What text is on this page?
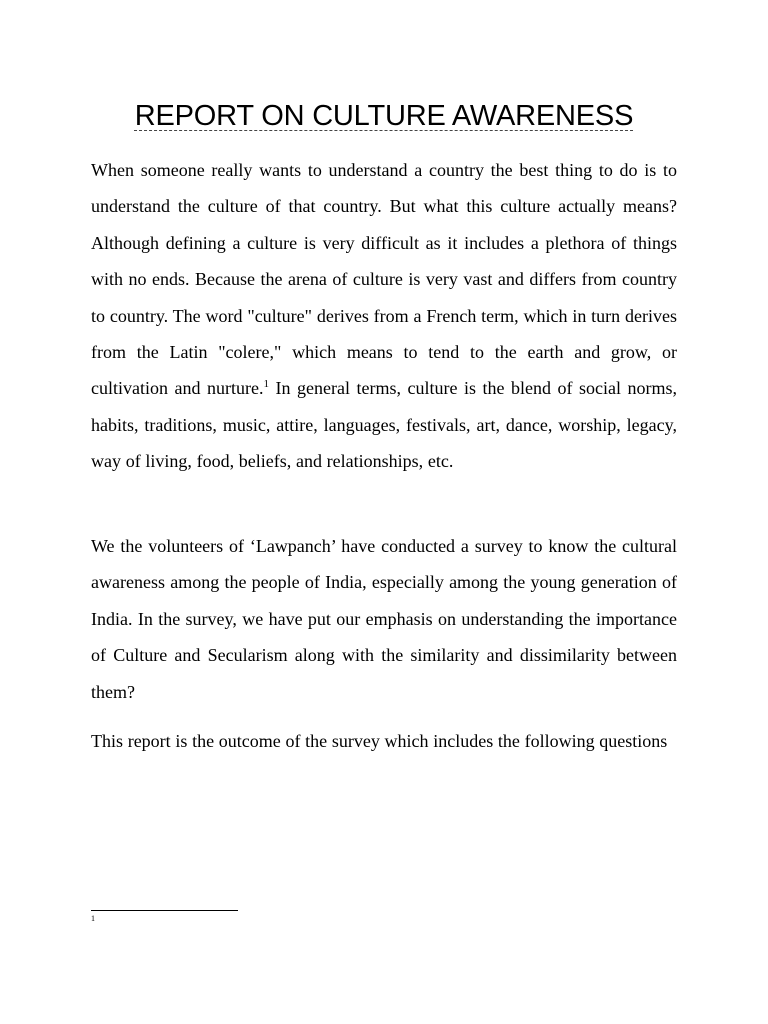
REPORT ON CULTURE AWARENESS

When someone really wants to understand a country the best thing to do is to understand the culture of that country. But what this culture actually means? Although defining a culture is very difficult as it includes a plethora of things with no ends. Because the arena of culture is very vast and differs from country to country. The word "culture" derives from a French term, which in turn derives from the Latin "colere," which means to tend to the earth and grow, or cultivation and nurture.$^1$ In general terms, culture is the blend of social norms, habits, traditions, music, attire, languages, festivals, art, dance, worship, legacy, way of living, food, beliefs, and relationships, etc.

We the volunteers of ‘Lawpanch’ have conducted a survey to know the cultural awareness among the people of India, especially among the young generation of India. In the survey, we have put our emphasis on understanding the importance of Culture and Secularism along with the similarity and dissimilarity between them?

This report is the outcome of the survey which includes the following questions

1
